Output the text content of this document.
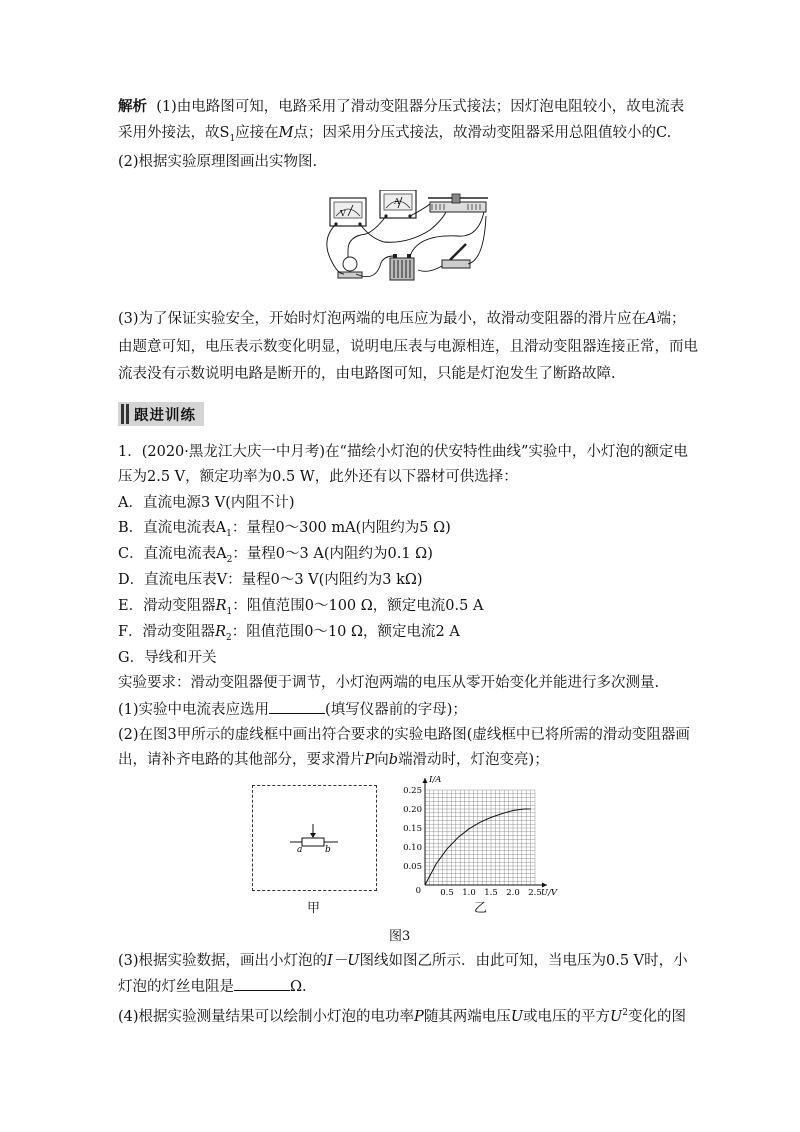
解析 (1)由电路图可知，电路采用了滑动变阻器分压式接法；因灯泡电阻较小，故电流表
采用外接法，故$S_1$应接在M点；因采用分压式接法，故滑动变阻器采用总阻值较小的C.
(2)根据实验原理图画出实物图.
V
A
(3)为了保证实验安全，开始时灯泡两端的电压应为最小，故滑动变阻器的滑片应在A端；
由题意可知，电压表示数变化明显，说明电压表与电源相连，且滑动变阻器连接正常，而电
流表没有示数说明电路是断开的，由电路图可知，只能是灯泡发生了断路故障.
跟进训练
1．(2020·黑龙江大庆一中月考)在“描绘小灯泡的伏安特性曲线”实验中，小灯泡的额定电
压为2.5 V，额定功率为0.5 W，此外还有以下器材可供选择：
A．直流电源3 V(内阻不计)
B．直流电流表$A_1$：量程0～300 mA(内阻约为5 Ω)
C．直流电流表$A_2$：量程0～3 A(内阻约为0.1 Ω)
D．直流电压表V：量程0～3 V(内阻约为3 kΩ)
E．滑动变阻器$R_1$：阻值范围0～100 Ω，额定电流0.5 A
F．滑动变阻器$R_2$：阻值范围0～10 Ω，额定电流2 A
G．导线和开关
实验要求：滑动变阻器便于调节，小灯泡两端的电压从零开始变化并能进行多次测量.
(1)实验中电流表应选用	(填写仪器前的字母)；
(2)在图3甲所示的虚线框中画出符合要求的实验电路图(虚线框中已将所需的滑动变阻器画
出，请补齐电路的其他部分，要求滑片P向b端滑动时，灯泡变亮)；
a	b
甲
0.5 1.0 1.5 2.0 2.5
0.05
0.10
0.15
0.20
0.25
0	U/V
I/A
乙
图3
(3)根据实验数据，画出小灯泡的I－U图线如图乙所示．由此可知，当电压为0.5 V时，小
灯泡的灯丝电阻是	Ω.
(4)根据实验测量结果可以绘制小灯泡的电功率P随其两端电压U或电压的平方$U^2$变化的图
